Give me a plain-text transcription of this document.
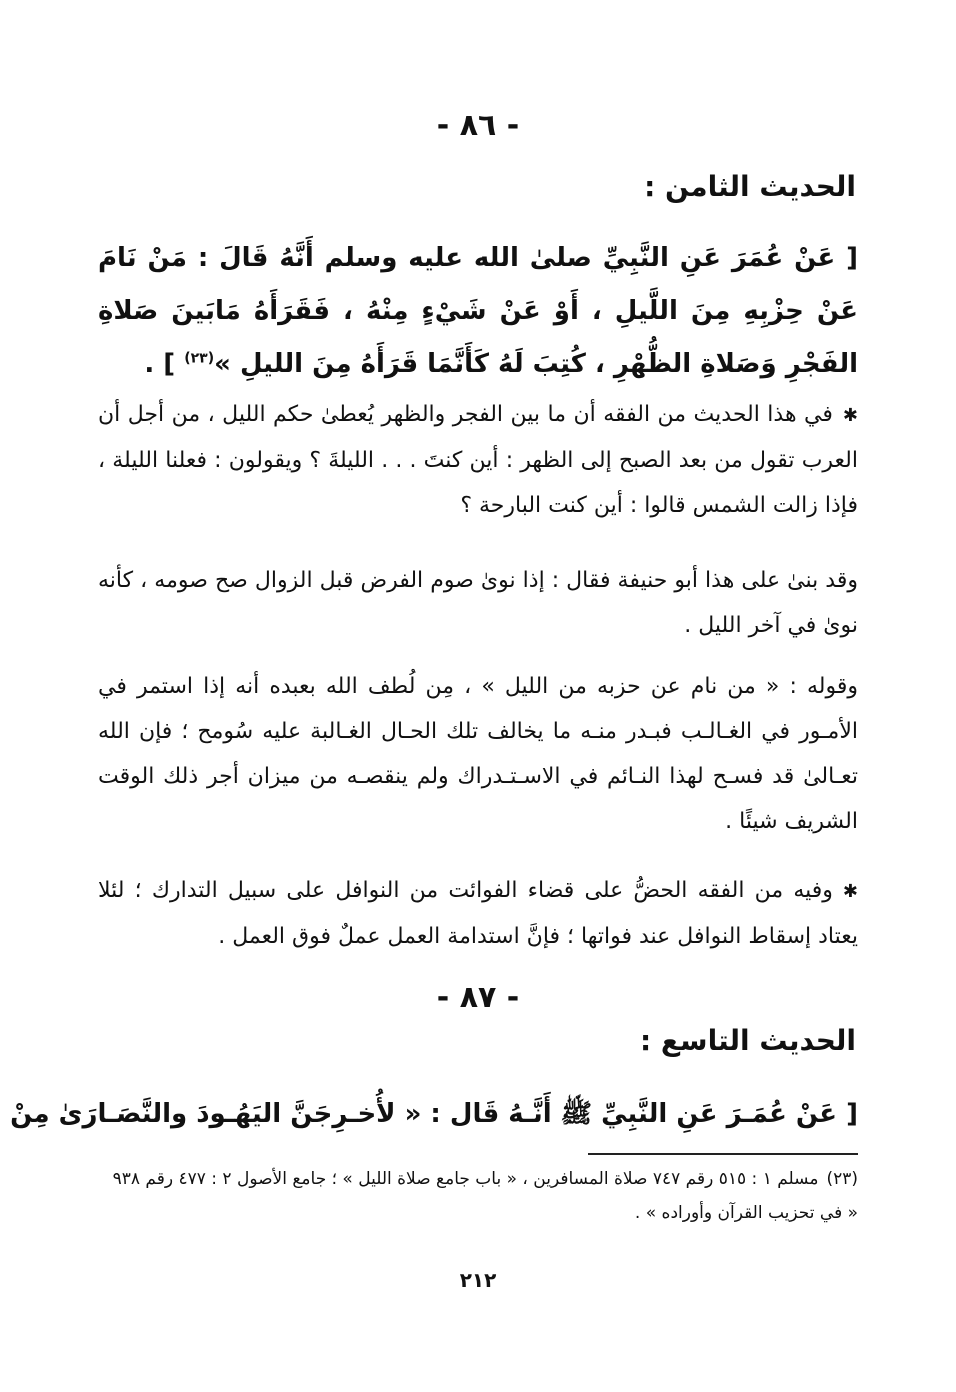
- ٨٦ -
الحديث الثامن :
[ عَنْ عُمَرَ عَنِ النَّبِيِّ صلىٰ الله عليه وسلم أَنَّهُ قَالَ : مَنْ نَامَ عَنْ حِزْبِهِ مِنَ اللَّيلِ ، أَوْ عَنْ شَيْءٍ مِنْهُ ، فَقَرَأَهُ مَابَينَ صَلاةِ الفَجْرِ وَصَلاةِ الظُّهْرِ ، كُتِبَ لَهُ كَأَنَّمَا قَرَأَهُ مِنَ الليلِ »$^{(٢٣)}$ ] .
✱في هذا الحديث من الفقه أن ما بين الفجر والظهر يُعطىٰ حكم الليل ، من أجل أن العرب تقول من بعد الصبح إلى الظهر : أين كنتَ . . . الليلةَ ؟ ويقولون : فعلنا الليلة ، فإذا زالت الشمس قالوا : أين كنت البارحة ؟
وقد بنىٰ على هذا أبو حنيفة فقال : إذا نوىٰ صوم الفرض قبل الزوال صح صومه ، كأنه نوىٰ في آخر الليل .
وقوله : « من نام عن حزبه من الليل » ، مِن لُطف الله بعبده أنه إذا استمر في الأمـور في الغـالـب فبـدر منـه ما يخالف تلك الحـال الغـالبة عليه سُومح ؛ فإن الله تعـالىٰ قد فسـح لهذا النـائم في الاسـتـدراك ولم ينقصـه من ميزان أجر ذلك الوقت الشريف شيئًا .
✱وفيه من الفقه الحضُّ على قضاء الفوائت من النوافل على سبيل التدارك ؛ لئلا يعتاد إسقاط النوافل عند فواتها ؛ فإنَّ استدامة العمل عملٌ فوق العمل .
- ٨٧ -
الحديث التاسع :
[ عَنْ عُمَـرَ عَنِ النَّبِيِّ ﷺ أَنَّـهُ قَال : « لأُخـرِجَنَّ اليَهُـودَ والنَّصَـارَىٰ مِنْ
(٢٣)مسلم ١ : ٥١٥ رقم ٧٤٧ صلاة المسافرين ، « باب جامع صلاة الليل » ؛ جامع الأصول ٢ : ٤٧٧ رقم ٩٣٨ « في تحزيب القرآن وأوراده » .
٢١٢
